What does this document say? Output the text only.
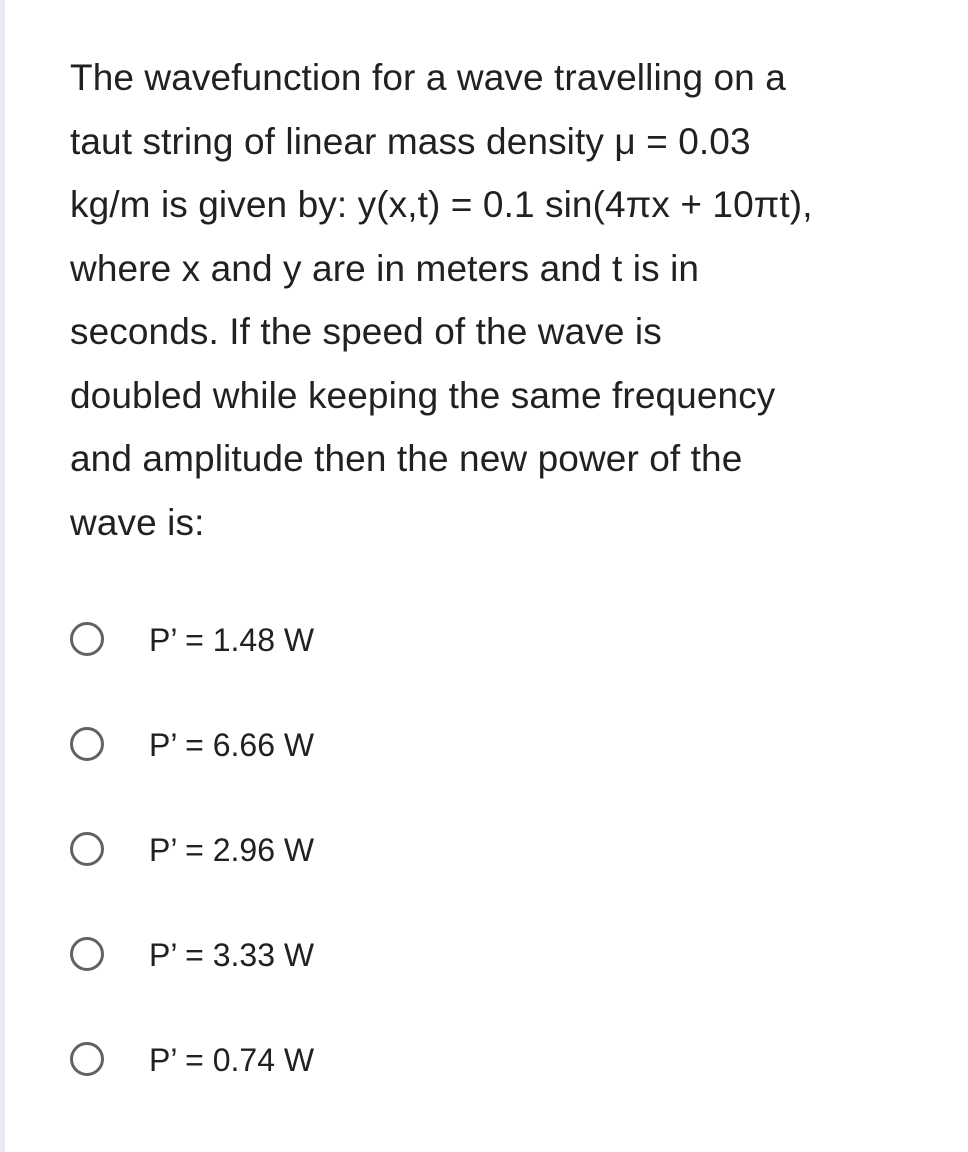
The wavefunction for a wave travelling on a
taut string of linear mass density μ = 0.03
kg/m is given by: y(x,t) = 0.1 sin(4πx + 10πt),
where x and y are in meters and t is in
seconds. If the speed of the wave is
doubled while keeping the same frequency
and amplitude then the new power of the
wave is:

P’ = 1.48 W
P’ = 6.66 W
P’ = 2.96 W
P’ = 3.33 W
P’ = 0.74 W
